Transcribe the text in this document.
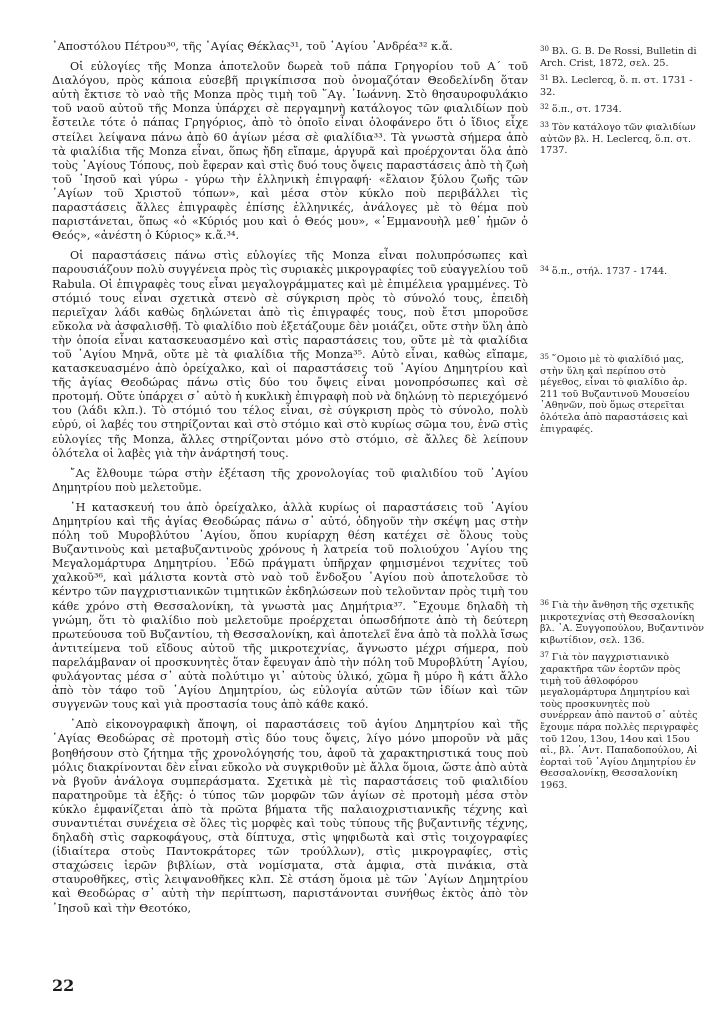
᾿Αποστόλου Πέτρου³⁰, τῆς ῾Αγίας Θέκλας³¹, τοῦ ῾Αγίου ᾿Ανδρέα³² κ.ἅ.

Οἱ εὐλογίες τῆς Monza ἀποτελοῦν δωρεὰ τοῦ πάπα Γρηγορίου τοῦ Α´ τοῦ Διαλόγου, πρὸς κάποια εὐσεβῆ πριγκίπισσα ποὺ ὀνομαζόταν Θεοδελίνδη ὅταν αὐτὴ ἔκτισε τὸ ναὸ τῆς Monza πρὸς τιμὴ τοῦ ῞Αγ. ᾿Ιωάννη. Στὸ θησαυροφυλάκιο τοῦ ναοῦ αὐτοῦ τῆς Monza ὑπάρχει σὲ περγαμηνὴ κατάλογος τῶν φιαλιδίων ποὺ ἔστειλε τότε ὁ πάπας Γρηγόριος, ἀπὸ τὸ ὁποῖο εἶναι ὁλοφάνερο ὅτι ὁ ἴδιος εἶχε στείλει λείψανα πάνω ἀπὸ 60 ἁγίων μέσα σὲ φιαλίδια³³. Τὰ γνωστὰ σήμερα ἀπὸ τὰ φιαλίδια τῆς Monza εἶναι, ὅπως ἤδη εἴπαμε, ἀργυρᾶ καὶ προέρχονται ὅλα ἀπὸ τοὺς ῾Αγίους Τόπους, ποὺ ἔφεραν καὶ στὶς δυό τους ὄψεις παραστάσεις ἀπὸ τὴ ζωὴ τοῦ ᾿Ιησοῦ καὶ γύρω - γύρω τὴν ἑλληνικὴ ἐπιγραφή· «ἔλαιον ξύλου ζωῆς τῶν ῾Αγίων τοῦ Χριστοῦ τόπων», καὶ μέσα στὸν κύκλο ποὺ περιβάλλει τὶς παραστάσεις ἄλλες ἐπιγραφὲς ἐπίσης ἑλληνικές, ἀνάλογες μὲ τὸ θέμα ποὺ παριστάνεται, ὅπως «ὁ «Κύριός μου καὶ ὁ Θεός μου», «᾿Εμμανουὴλ μεθ᾿ ἡμῶν ὁ Θεός», «ἀνέστη ὁ Κύριος» κ.ἅ.³⁴.

Οἱ παραστάσεις πάνω στὶς εὐλογίες τῆς Monza εἶναι πολυπρόσωπες καὶ παρουσιάζουν πολὺ συγγένεια πρὸς τὶς συριακὲς μικρογραφίες τοῦ εὐαγγελίου τοῦ Rabula. Οἱ ἐπιγραφὲς τους εἶναι μεγαλογράμματες καὶ μὲ ἐπιμέλεια γραμμένες. Τὸ στόμιό τους εἶναι σχετικὰ στενὸ σὲ σύγκριση πρὸς τὸ σύνολό τους, ἐπειδὴ περιεῖχαν λάδι καθὼς δηλώνεται ἀπὸ τὶς ἐπιγραφές τους, ποὺ ἔτσι μποροῦσε εὔκολα νὰ ἀσφαλισθῇ. Τὸ φιαλίδιο ποὺ ἐξετάζουμε δὲν μοιάζει, οὔτε στὴν ὕλη ἀπὸ τὴν ὁποία εἶναι κατασκευασμένο καὶ στὶς παραστάσεις του, οὔτε μὲ τὰ φιαλίδια τοῦ ῾Αγίου Μηνᾶ, οὔτε μὲ τὰ φιαλίδια τῆς Monza³⁵. Αὐτὸ εἶναι, καθὼς εἴπαμε, κατασκευασμένο ἀπὸ ὀρείχαλκο, καὶ οἱ παραστάσεις τοῦ ῾Αγίου Δημητρίου καὶ τῆς ἁγίας Θεοδώρας πάνω στὶς δύο του ὄψεις εἶναι μονοπρόσωπες καὶ σὲ προτομή. Οὔτε ὑπάρχει σ᾿ αὐτὸ ἡ κυκλικὴ ἐπιγραφὴ ποὺ νὰ δηλώνῃ τὸ περιεχόμενό του (λάδι κλπ.). Τὸ στόμιό του τέλος εἶναι, σὲ σύγκριση πρὸς τὸ σύνολο, πολὺ εὐρύ, οἱ λαβές του στηρίζονται καὶ στὸ στόμιο καὶ στὸ κυρίως σῶμα του, ἐνῶ στὶς εὐλογίες τῆς Monza, ἄλλες στηρίζονται μόνο στὸ στόμιο, σὲ ἄλλες δὲ λείπουν ὁλότελα οἱ λαβὲς γιὰ τὴν ἀνάρτησή τους.

῎Ας ἔλθουμε τώρα στὴν ἐξέταση τῆς χρονολογίας τοῦ φιαλιδίου τοῦ ῾Αγίου Δημητρίου ποὺ μελετοῦμε.

῾Η κατασκευή του ἀπὸ ὀρείχαλκο, ἀλλὰ κυρίως οἱ παραστάσεις τοῦ ῾Αγίου Δημητρίου καὶ τῆς ἁγίας Θεοδώρας πάνω σ᾿ αὐτό, ὁδηγοῦν τὴν σκέψη μας στὴν πόλη τοῦ Μυροβλύτου ῾Αγίου, ὅπου κυρίαρχη θέση κατέχει σὲ ὅλους τοὺς Βυζαντινοὺς καὶ μεταβυζαντινοὺς χρόνους ἡ λατρεία τοῦ πολιούχου ῾Αγίου της Μεγαλομάρτυρα Δημητρίου. ᾿Εδῶ πράγματι ὑπῆρχαν φημισμένοι τεχνίτες τοῦ χαλκοῦ³⁶, καὶ μάλιστα κοντὰ στὸ ναὸ τοῦ ἔνδοξου ῾Αγίου ποὺ ἀποτελοῦσε τὸ κέντρο τῶν παγχριστιανικῶν τιμητικῶν ἐκδηλώσεων ποὺ τελοῦνταν πρὸς τιμὴ του κάθε χρόνο στὴ Θεσσαλονίκη, τὰ γνωστὰ μας Δημήτρια³⁷. ῎Εχουμε δηλαδὴ τὴ γνώμη, ὅτι τὸ φιαλίδιο ποὺ μελετοῦμε προέρχεται ὁπωσδήποτε ἀπὸ τὴ δεύτερη πρωτεύουσα τοῦ Βυζαντίου, τὴ Θεσσαλονίκη, καὶ ἀποτελεῖ ἕνα ἀπὸ τὰ πολλὰ ἴσως ἀντιτείμενα τοῦ εἴδους αὐτοῦ τῆς μικροτεχνίας, ἄγνωστο μέχρι σήμερα, ποὺ παρελάμβαναν οἱ προσκυνητὲς ὅταν ἔφευγαν ἀπὸ τὴν πόλη τοῦ Μυροβλύτη ῾Αγίου, φυλάγοντας μέσα σ᾿ αὐτὰ πολύτιμο γι᾿ αὐτοὺς ὑλικό, χῶμα ἢ μύρο ἢ κάτι ἄλλο ἀπὸ τὸν τάφο τοῦ ῾Αγίου Δημητρίου, ὡς εὐλογία αὐτῶν τῶν ἰδίων καὶ τῶν συγγενῶν τους καὶ γιὰ προστασία τους ἀπὸ κάθε κακό.

᾿Απὸ εἰκονογραφικὴ ἄποψη, οἱ παραστάσεις τοῦ ἁγίου Δημητρίου καὶ τῆς ῾Αγίας Θεοδώρας σὲ προτομὴ στὶς δύο τους ὄψεις, λίγο μόνο μποροῦν νὰ μᾶς βοηθήσουν στὸ ζήτημα τῆς χρονολόγησής του, ἀφοῦ τὰ χαρακτηριστικά τους ποὺ μόλις διακρίνονται δὲν εἶναι εὔκολο νὰ συγκριθοῦν μὲ ἄλλα ὅμοια, ὥστε ἀπὸ αὐτὰ νὰ βγοῦν ἀνάλογα συμπεράσματα. Σχετικὰ μὲ τὶς παραστάσεις τοῦ φιαλιδίου παρατηροῦμε τὰ ἑξῆς: ὁ τύπος τῶν μορφῶν τῶν ἁγίων σὲ προτομὴ μέσα στὸν κύκλο ἐμφανίζεται ἀπὸ τὰ πρῶτα βήματα τῆς παλαιοχριστιανικῆς τέχνης καὶ συναντιέται συνέχεια σὲ ὅλες τὶς μορφὲς καὶ τοὺς τύπους τῆς βυζαντινῆς τέχνης, δηλαδὴ στὶς σαρκοφάγους, στὰ δίπτυχα, στὶς ψηφιδωτὰ καὶ στὶς τοιχογραφίες (ἰδιαίτερα στοὺς Παντοκράτορες τῶν τρούλλων), στὶς μικρογραφίες, στὶς σταχώσεις ἱερῶν βιβλίων, στὰ νομίσματα, στὰ ἀμφια, στὰ πινάκια, στὰ σταυροθῆκες, στὶς λειψανοθῆκες κλπ. Σὲ στάση ὅμοια μὲ τῶν ῾Αγίων Δημητρίου καὶ Θεοδώρας σ᾿ αὐτὴ τὴν περίπτωση, παριστάνονται συνήθως ἐκτὸς ἀπὸ τὸν ᾿Ιησοῦ καὶ τὴν Θεοτόκο,

$^{30}$ Βλ. G. B. De Rossi, Bulletin di Arch. Crist, 1872, σελ. 25.
$^{31}$ Βλ. Leclercq, ὅ. π. στ. 1731 - 32.
$^{32}$ ὅ.π., στ. 1734.
$^{33}$ Τὸν κατάλογο τῶν φιαλιδίων αὐτῶν βλ. H. Leclercq, ὅ.π. στ. 1737.
$^{34}$ ὅ.π., στήλ. 1737 - 1744.
$^{35}$ ῞Ομοιο μὲ τὸ φιαλίδιό μας, στὴν ὕλη καὶ περίπου στὸ μέγεθος, εἶναι τὸ φιαλίδιο ἀρ. 211 τοῦ Βυζαντινοῦ Μουσείου ᾿Αθηνῶν, ποὺ ὅμως στερεῖται ὁλότελα ἀπὸ παραστάσεις καὶ ἐπιγραφές.
$^{36}$ Γιὰ τὴν ἄνθηση τῆς σχετικῆς μικροτεχνίας στὴ Θεσσαλονίκη βλ. ᾿Α. Ξυγγοπούλου, Βυζαντινὸν κιβωτίδιον, σελ. 136.
$^{37}$ Γιὰ τὸν παγχριστιανικὸ χαρακτῆρα τῶν ἑορτῶν πρὸς τιμὴ τοῦ ἀθλοφόρου μεγαλομάρτυρα Δημητρίου καὶ τοὺς προσκυνητὲς ποὺ συνέρρεαν ἀπὸ παντοῦ σ᾿ αὐτὲς ἔχουμε πάρα πολλὲς περιγραφὲς τοῦ 12ου, 13ου, 14ου καὶ 15ου αἰ., βλ. ᾿Αντ. Παπαδοπούλου, Αἱ ἑορταὶ τοῦ ῾Αγίου Δημητρίου ἐν Θεσσαλονίκῃ, Θεσσαλονίκη 1963.
22
